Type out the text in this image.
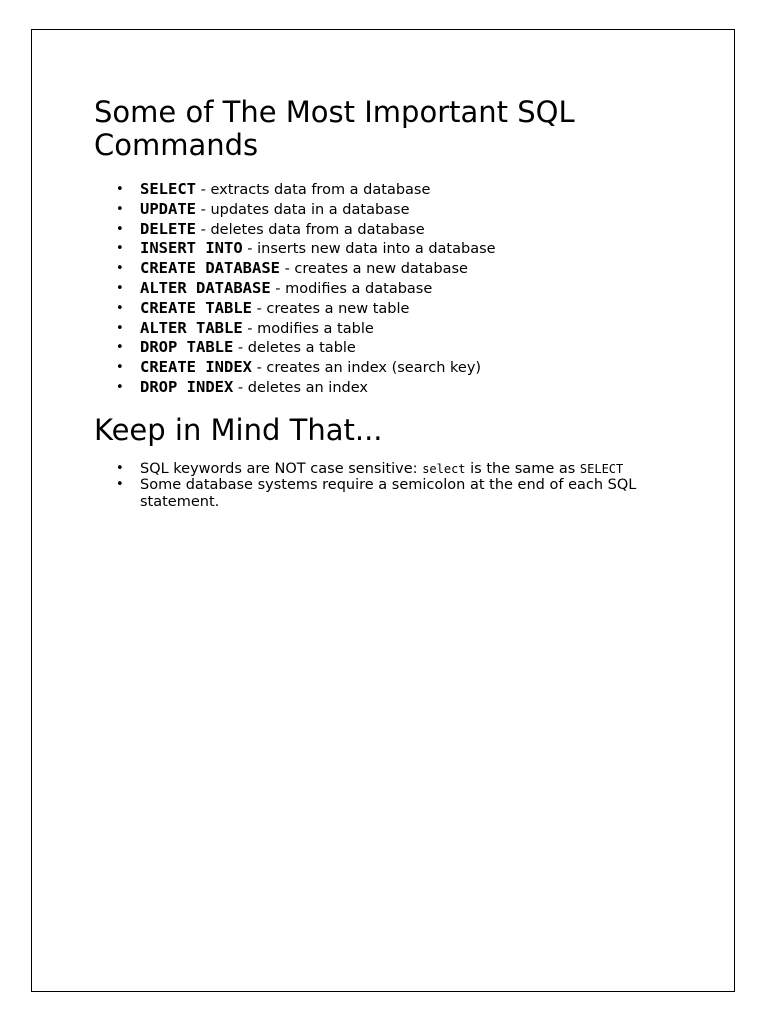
Some of The Most Important SQL Commands
• SELECT - extracts data from a database
• UPDATE - updates data in a database
• DELETE - deletes data from a database
• INSERT INTO - inserts new data into a database
• CREATE DATABASE - creates a new database
• ALTER DATABASE - modifies a database
• CREATE TABLE - creates a new table
• ALTER TABLE - modifies a table
• DROP TABLE - deletes a table
• CREATE INDEX - creates an index (search key)
• DROP INDEX - deletes an index
Keep in Mind That...
• SQL keywords are NOT case sensitive: select is the same as SELECT
• Some database systems require a semicolon at the end of each SQL statement.
